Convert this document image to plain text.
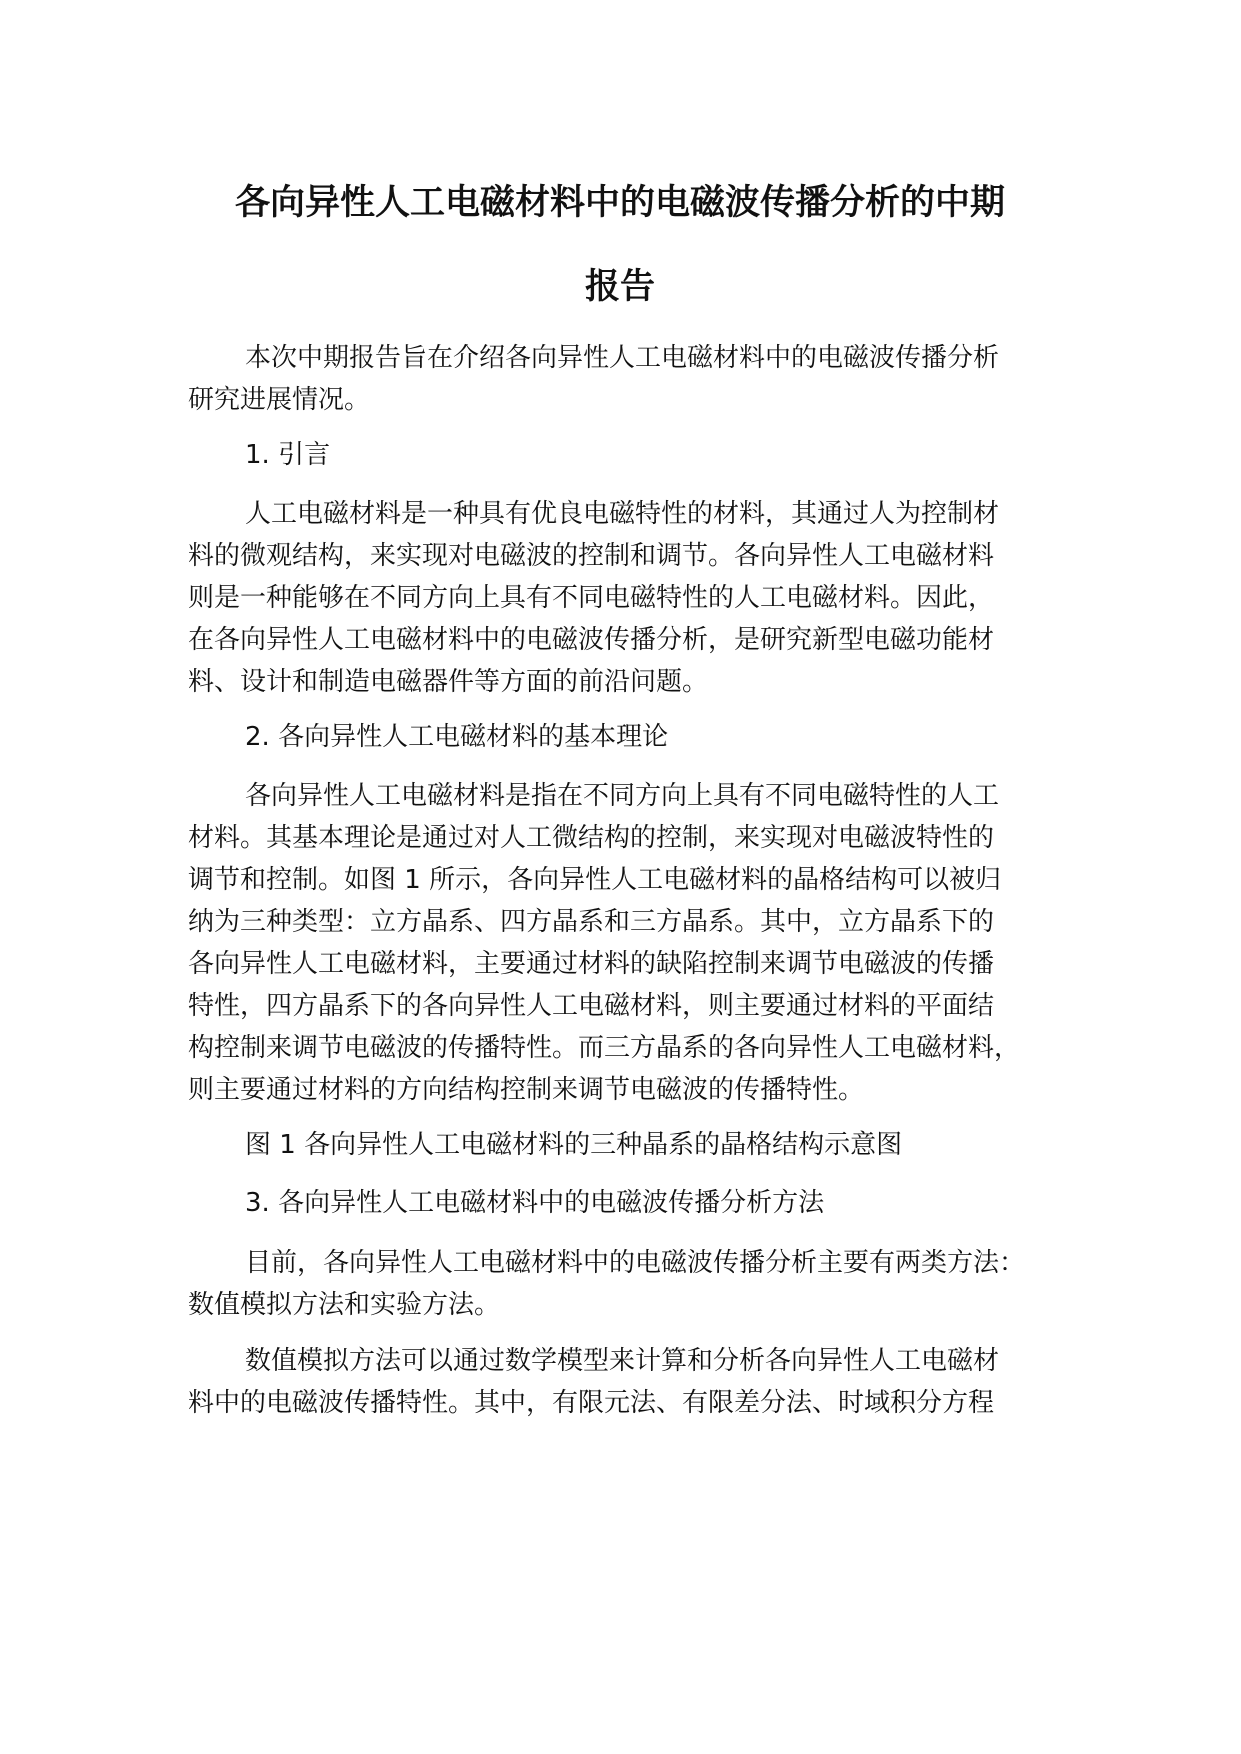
各向异性人工电磁材料中的电磁波传播分析的中期
报告

本次中期报告旨在介绍各向异性人工电磁材料中的电磁波传播分析
研究进展情况。

1. 引言

人工电磁材料是一种具有优良电磁特性的材料，其通过人为控制材
料的微观结构，来实现对电磁波的控制和调节。各向异性人工电磁材料
则是一种能够在不同方向上具有不同电磁特性的人工电磁材料。因此，
在各向异性人工电磁材料中的电磁波传播分析，是研究新型电磁功能材
料、设计和制造电磁器件等方面的前沿问题。

2. 各向异性人工电磁材料的基本理论

各向异性人工电磁材料是指在不同方向上具有不同电磁特性的人工
材料。其基本理论是通过对人工微结构的控制，来实现对电磁波特性的
调节和控制。如图 1 所示，各向异性人工电磁材料的晶格结构可以被归
纳为三种类型：立方晶系、四方晶系和三方晶系。其中，立方晶系下的
各向异性人工电磁材料，主要通过材料的缺陷控制来调节电磁波的传播
特性，四方晶系下的各向异性人工电磁材料，则主要通过材料的平面结
构控制来调节电磁波的传播特性。而三方晶系的各向异性人工电磁材料，
则主要通过材料的方向结构控制来调节电磁波的传播特性。

图 1 各向异性人工电磁材料的三种晶系的晶格结构示意图

3. 各向异性人工电磁材料中的电磁波传播分析方法

目前，各向异性人工电磁材料中的电磁波传播分析主要有两类方法：
数值模拟方法和实验方法。

数值模拟方法可以通过数学模型来计算和分析各向异性人工电磁材
料中的电磁波传播特性。其中，有限元法、有限差分法、时域积分方程
